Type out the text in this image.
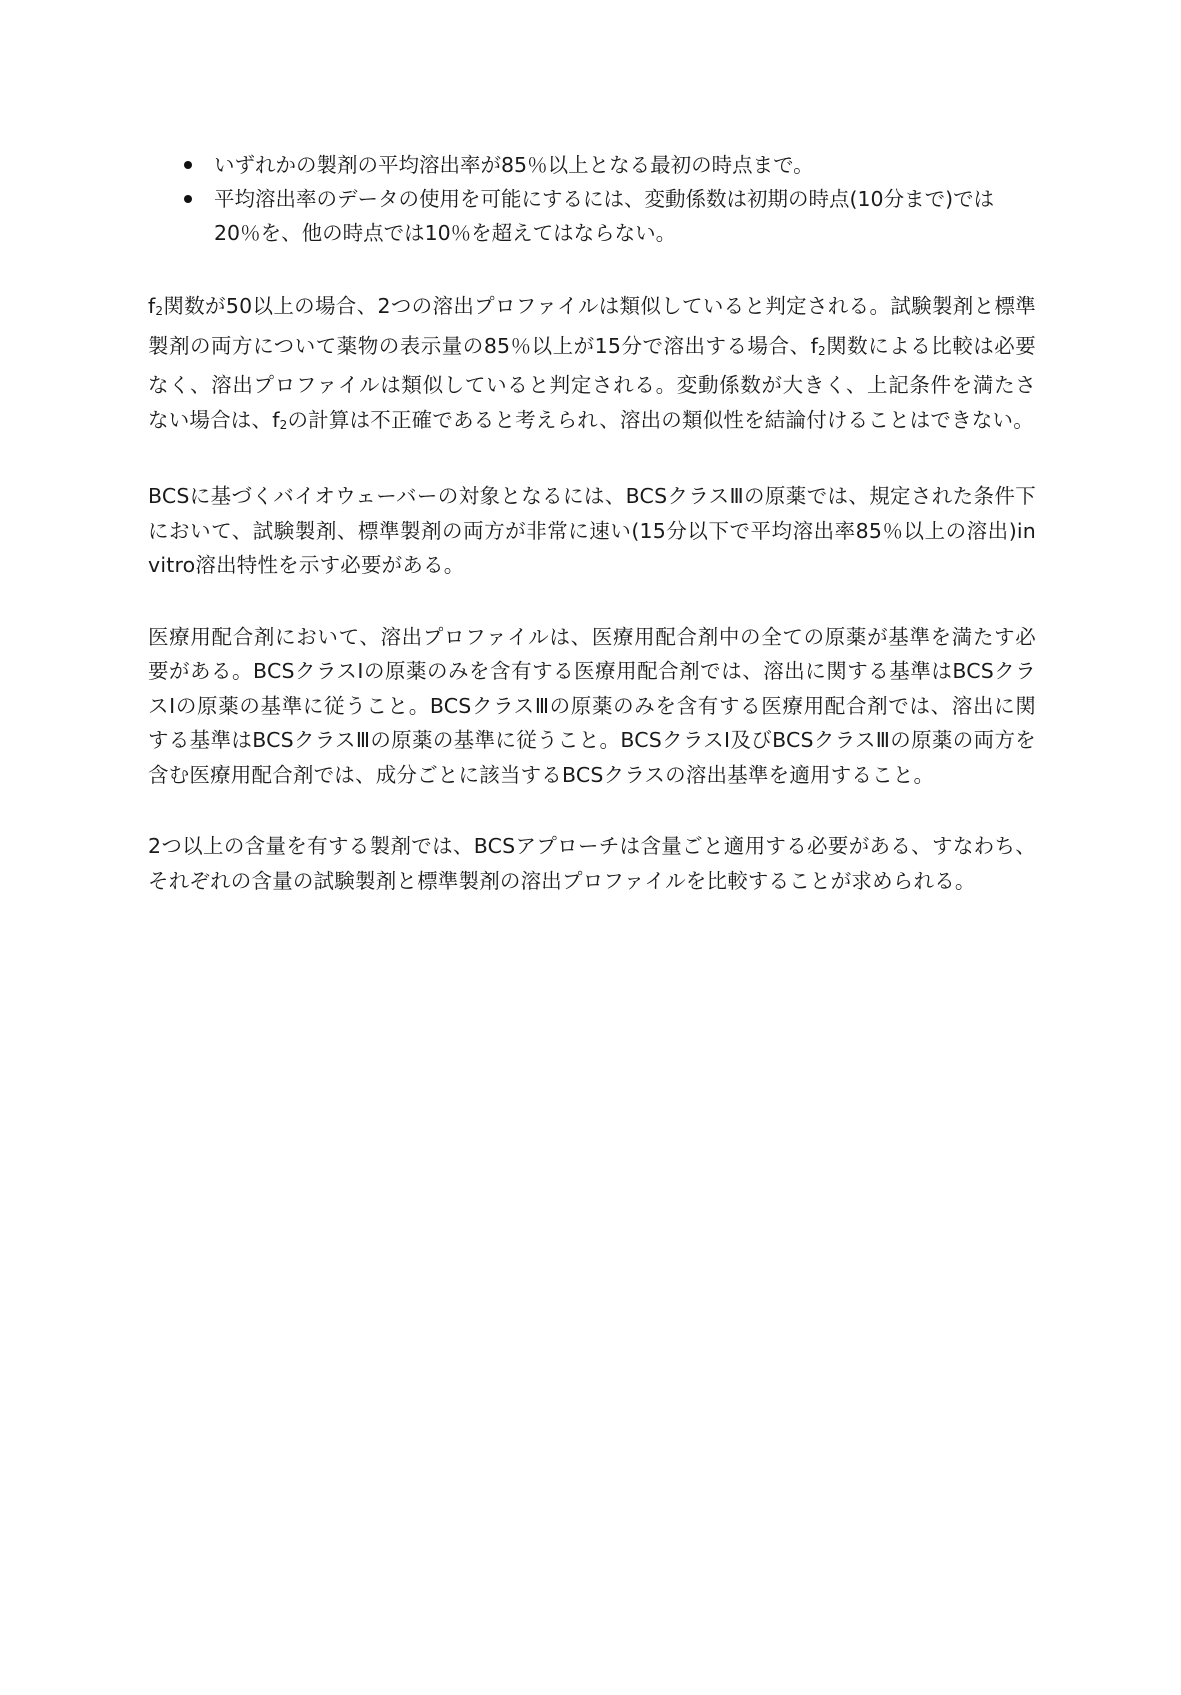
いずれかの製剤の平均溶出率が85％以上となる最初の時点まで。
平均溶出率のデータの使用を可能にするには、変動係数は初期の時点(10分まで)では20％を、他の時点では10％を超えてはならない。

$f_2$関数が50以上の場合、2つの溶出プロファイルは類似していると判定される。試験製剤と標準製剤の両方について薬物の表示量の85％以上が15分で溶出する場合、$f_2$関数による比較は必要なく、溶出プロファイルは類似していると判定される。変動係数が大きく、上記条件を満たさない場合は、$f_2$の計算は不正確であると考えられ、溶出の類似性を結論付けることはできない。

BCSに基づくバイオウェーバーの対象となるには、BCSクラスⅢの原薬では、規定された条件下において、試験製剤、標準製剤の両方が非常に速い(15分以下で平均溶出率85％以上の溶出)in vitro溶出特性を示す必要がある。

医療用配合剤において、溶出プロファイルは、医療用配合剤中の全ての原薬が基準を満たす必要がある。BCSクラスⅠの原薬のみを含有する医療用配合剤では、溶出に関する基準はBCSクラスⅠの原薬の基準に従うこと。BCSクラスⅢの原薬のみを含有する医療用配合剤では、溶出に関する基準はBCSクラスⅢの原薬の基準に従うこと。BCSクラスⅠ及びBCSクラスⅢの原薬の両方を含む医療用配合剤では、成分ごとに該当するBCSクラスの溶出基準を適用すること。

2つ以上の含量を有する製剤では、BCSアプローチは含量ごと適用する必要がある、すなわち、それぞれの含量の試験製剤と標準製剤の溶出プロファイルを比較することが求められる。
